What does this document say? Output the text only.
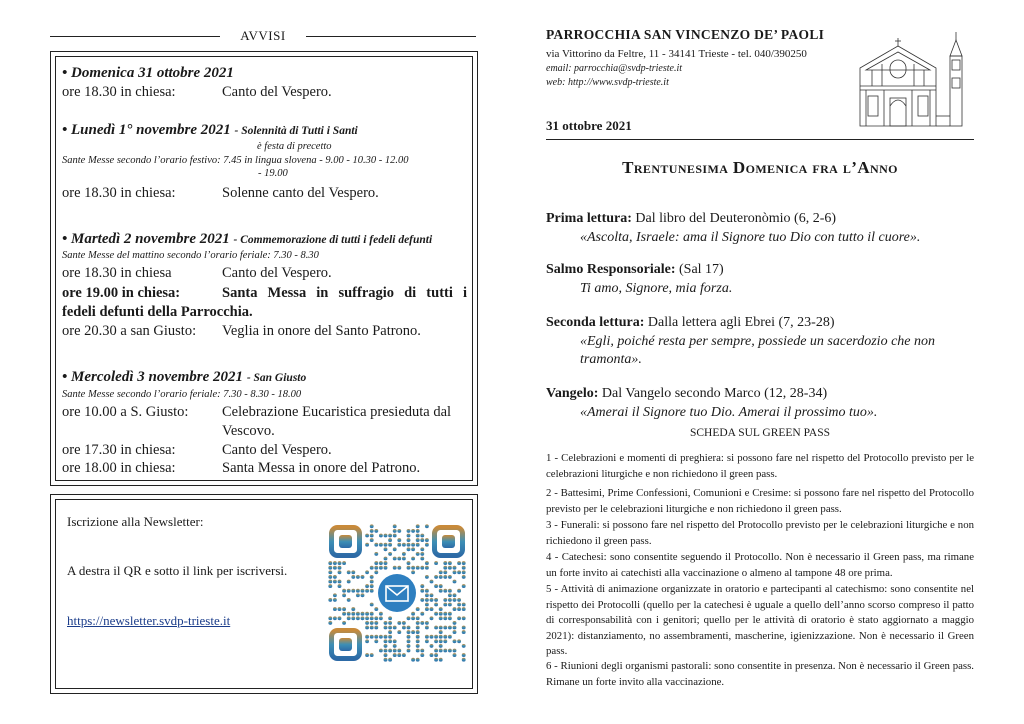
AVVISI
• Domenica 31 ottobre 2021
ore 18.30 in chiesa:	Canto del Vespero.
• Lunedì 1° novembre 2021 - Solennità di Tutti i Santi
è festa di precetto
Sante Messe secondo l’orario festivo: 7.45 in lingua slovena - 9.00 - 10.30 - 12.00
- 19.00
ore 18.30 in chiesa:	Solenne canto del Vespero.
• Martedì 2 novembre 2021 - Commemorazione di tutti i fedeli defunti
Sante Messe del mattino secondo l’orario feriale: 7.30 - 8.30
ore 18.30 in chiesa	Canto del Vespero.
ore 19.00 in chiesa:	Santa Messa in suffragio di tutti i
fedeli defunti della Parrocchia.
ore 20.30 a san Giusto: Veglia in onore del Santo Patrono.
• Mercoledì 3 novembre 2021 - San Giusto
Sante Messe secondo l’orario feriale: 7.30 - 8.30 - 18.00
ore 10.00 a S. Giusto: Celebrazione Eucaristica presieduta dal
Vescovo.
ore 17.30 in chiesa:	Canto del Vespero.
ore 18.00 in chiesa:	Santa Messa in onore del Patrono.
Iscrizione alla Newsletter:
A destra il QR e sotto il link per iscriversi.
https://newsletter.svdp-trieste.it
PARROCCHIA SAN VINCENZO DE’ PAOLI
via Vittorino da Feltre, 11 - 34141 Trieste - tel. 040/390250
email: parrocchia@svdp-trieste.it
web: http://www.svdp-trieste.it
31 ottobre 2021
Trentunesima Domenica fra l’Anno
Prima lettura: Dal libro del Deuteronòmio (6, 2-6)
«Ascolta, Israele: ama il Signore tuo Dio con tutto il cuore».
Salmo Responsoriale: (Sal 17)
Ti amo, Signore, mia forza.
Seconda lettura: Dalla lettera agli Ebrei (7, 23-28)
«Egli, poiché resta per sempre, possiede un sacerdozio che non tramonta».
Vangelo: Dal Vangelo secondo Marco (12, 28-34)
«Amerai il Signore tuo Dio. Amerai il prossimo tuo».
SCHEDA SUL GREEN PASS
1 - Celebrazioni e momenti di preghiera: si possono fare nel rispetto del Protocollo previsto per le celebrazioni liturgiche e non richiedono il green pass.
2 - Battesimi, Prime Confessioni, Comunioni e Cresime: si possono fare nel rispetto del Protocollo previsto per le celebrazioni liturgiche e non richiedono il green pass.
3 - Funerali: si possono fare nel rispetto del Protocollo previsto per le celebrazioni liturgiche e non richiedono il green pass.
4 - Catechesi: sono consentite seguendo il Protocollo. Non è necessario il Green pass, ma rimane un forte invito ai catechisti alla vaccinazione o almeno al tampone 48 ore prima.
5 - Attività di animazione organizzate in oratorio e partecipanti al catechismo: sono consentite nel rispetto dei Protocolli (quello per la catechesi è uguale a quello dell’anno scorso compreso il patto di corresponsabilità con i genitori; quello per le attività di oratorio è stato aggiornato a maggio 2021): distanziamento, no assembramenti, mascherine, igienizzazione. Non è necessario il Green pass.
6 - Riunioni degli organismi pastorali: sono consentite in presenza. Non è necessario il Green pass. Rimane un forte invito alla vaccinazione.
